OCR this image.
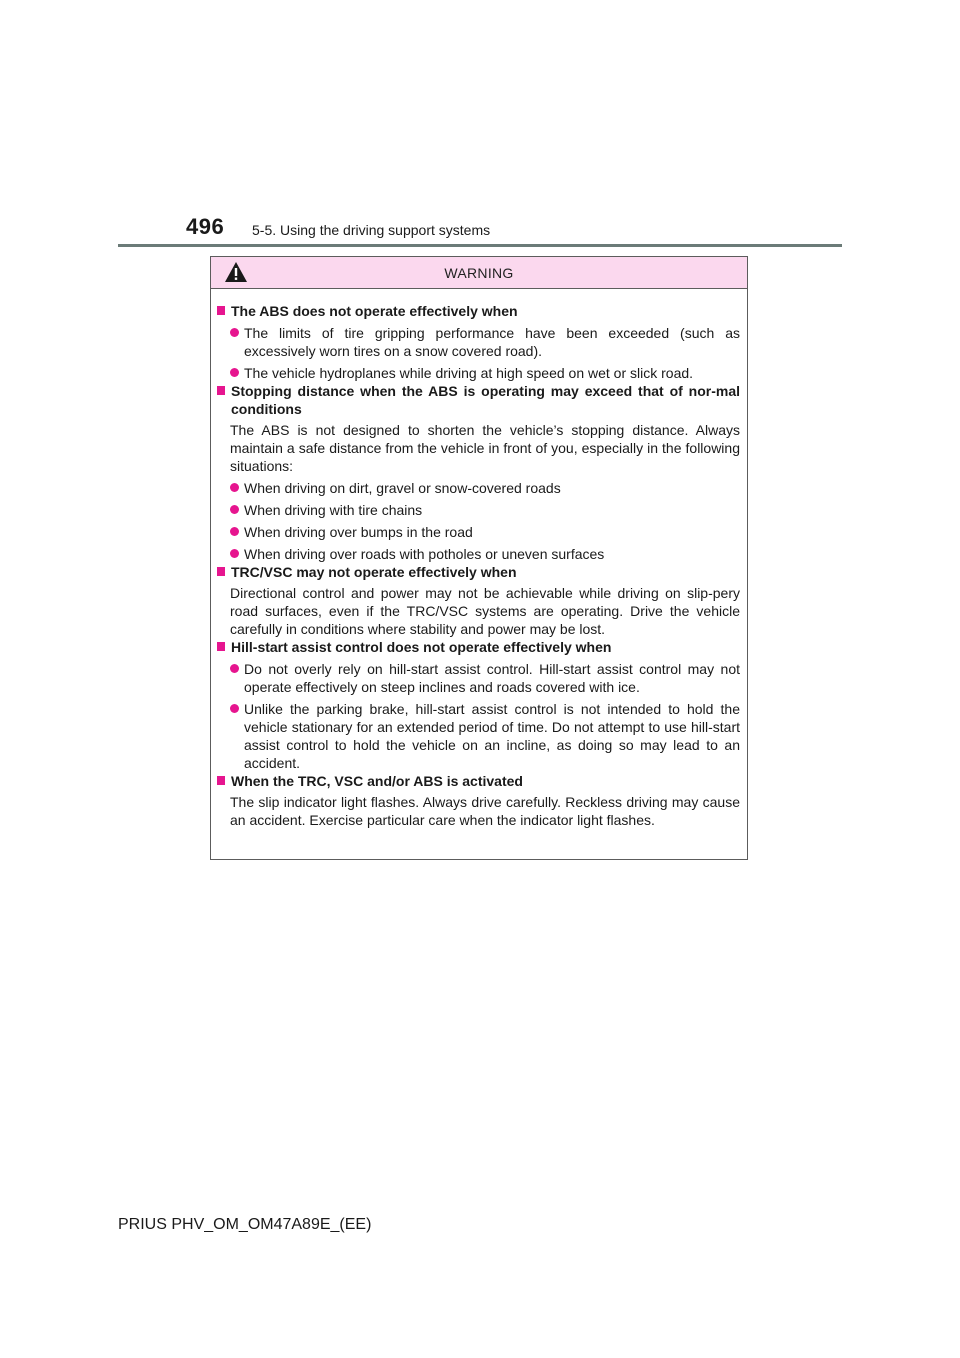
496 5-5. Using the driving support systems
WARNING
The ABS does not operate effectively when
The limits of tire gripping performance have been exceeded (such as excessively worn tires on a snow covered road).
The vehicle hydroplanes while driving at high speed on wet or slick road.
Stopping distance when the ABS is operating may exceed that of nor-mal conditions
The ABS is not designed to shorten the vehicle’s stopping distance. Always maintain a safe distance from the vehicle in front of you, especially in the following situations:
When driving on dirt, gravel or snow-covered roads
When driving with tire chains
When driving over bumps in the road
When driving over roads with potholes or uneven surfaces
TRC/VSC may not operate effectively when
Directional control and power may not be achievable while driving on slip-pery road surfaces, even if the TRC/VSC systems are operating. Drive the vehicle carefully in conditions where stability and power may be lost.
Hill-start assist control does not operate effectively when
Do not overly rely on hill-start assist control. Hill-start assist control may not operate effectively on steep inclines and roads covered with ice.
Unlike the parking brake, hill-start assist control is not intended to hold the vehicle stationary for an extended period of time. Do not attempt to use hill-start assist control to hold the vehicle on an incline, as doing so may lead to an accident.
When the TRC, VSC and/or ABS is activated
The slip indicator light flashes. Always drive carefully. Reckless driving may cause an accident. Exercise particular care when the indicator light flashes.
PRIUS PHV_OM_OM47A89E_(EE)
